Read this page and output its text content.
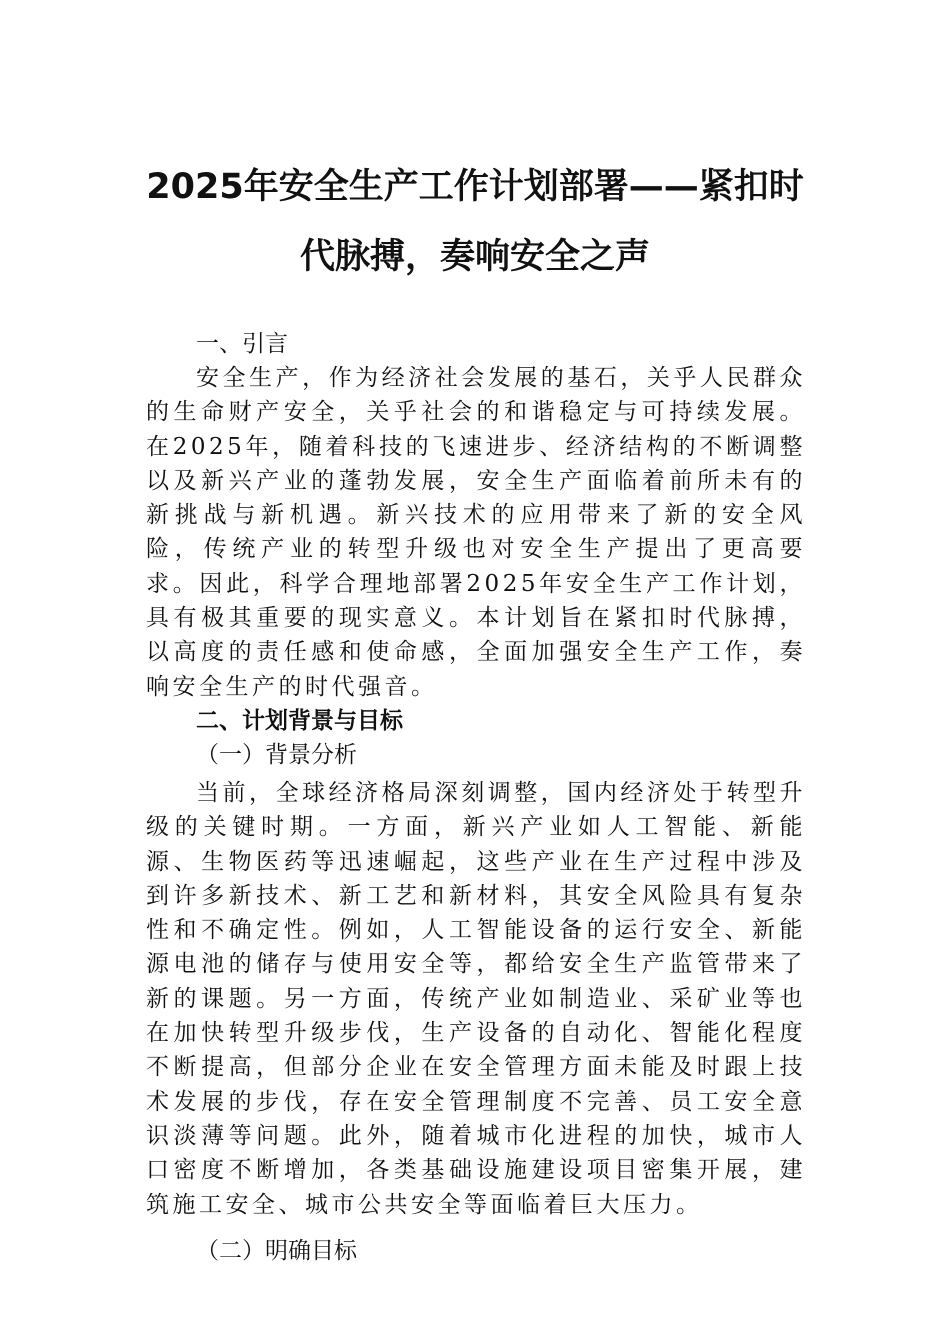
2025年安全生产工作计划部署——紧扣时
代脉搏，奏响安全之声

一、引言

安全生产，作为经济社会发展的基石，关乎人民群众的生命财产安全，关乎社会的和谐稳定与可持续发展。在2025年，随着科技的飞速进步、经济结构的不断调整以及新兴产业的蓬勃发展，安全生产面临着前所未有的新挑战与新机遇。新兴技术的应用带来了新的安全风险，传统产业的转型升级也对安全生产提出了更高要求。因此，科学合理地部署2025年安全生产工作计划，具有极其重要的现实意义。本计划旨在紧扣时代脉搏，以高度的责任感和使命感，全面加强安全生产工作，奏响安全生产的时代强音。

二、计划背景与目标

（一）背景分析

当前，全球经济格局深刻调整，国内经济处于转型升级的关键时期。一方面，新兴产业如人工智能、新能源、生物医药等迅速崛起，这些产业在生产过程中涉及到许多新技术、新工艺和新材料，其安全风险具有复杂性和不确定性。例如，人工智能设备的运行安全、新能源电池的储存与使用安全等，都给安全生产监管带来了新的课题。另一方面，传统产业如制造业、采矿业等也在加快转型升级步伐，生产设备的自动化、智能化程度不断提高，但部分企业在安全管理方面未能及时跟上技术发展的步伐，存在安全管理制度不完善、员工安全意识淡薄等问题。此外，随着城市化进程的加快，城市人口密度不断增加，各类基础设施建设项目密集开展，建筑施工安全、城市公共安全等面临着巨大压力。

（二）明确目标
